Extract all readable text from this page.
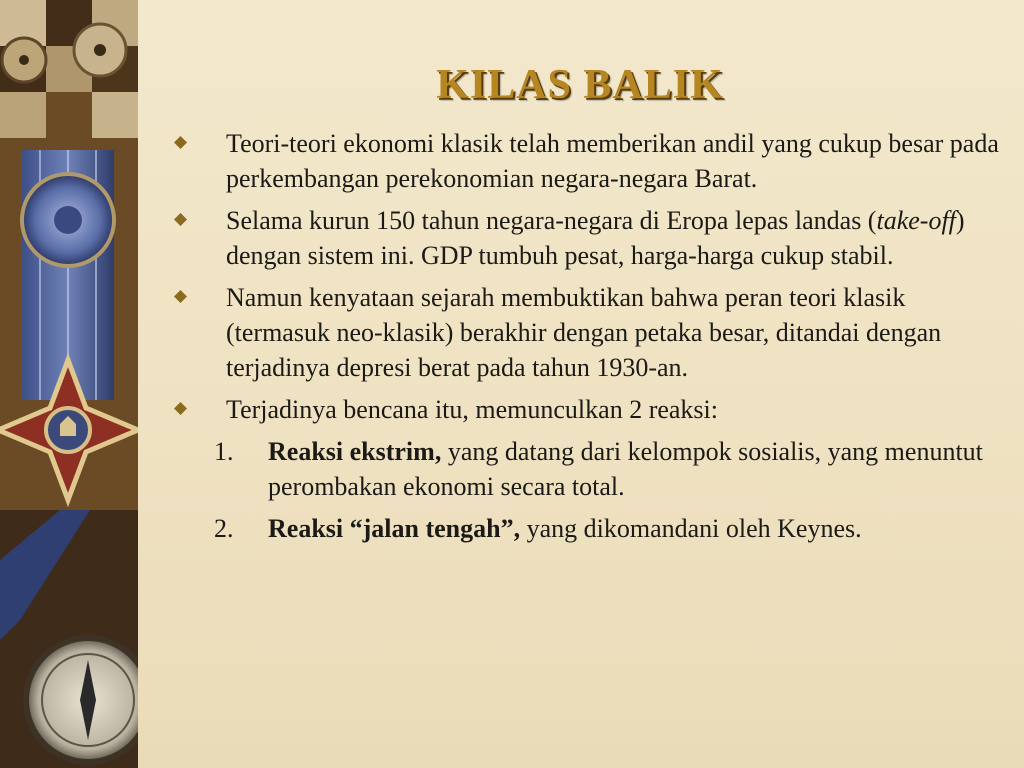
KILAS BALIK
Teori-teori ekonomi klasik telah memberikan andil yang cukup besar pada perkembangan perekonomian negara-negara Barat.
Selama kurun 150 tahun negara-negara di Eropa lepas landas (take-off) dengan sistem ini. GDP tumbuh pesat, harga-harga cukup stabil.
Namun kenyataan sejarah membuktikan bahwa peran teori klasik (termasuk neo-klasik) berakhir dengan petaka besar, ditandai dengan terjadinya depresi berat pada tahun 1930-an.
Terjadinya bencana itu, memunculkan 2 reaksi:
1.	Reaksi ekstrim, yang datang dari kelompok sosialis, yang menuntut perombakan ekonomi secara total.
2.	Reaksi “jalan tengah”, yang dikomandani oleh Keynes.
